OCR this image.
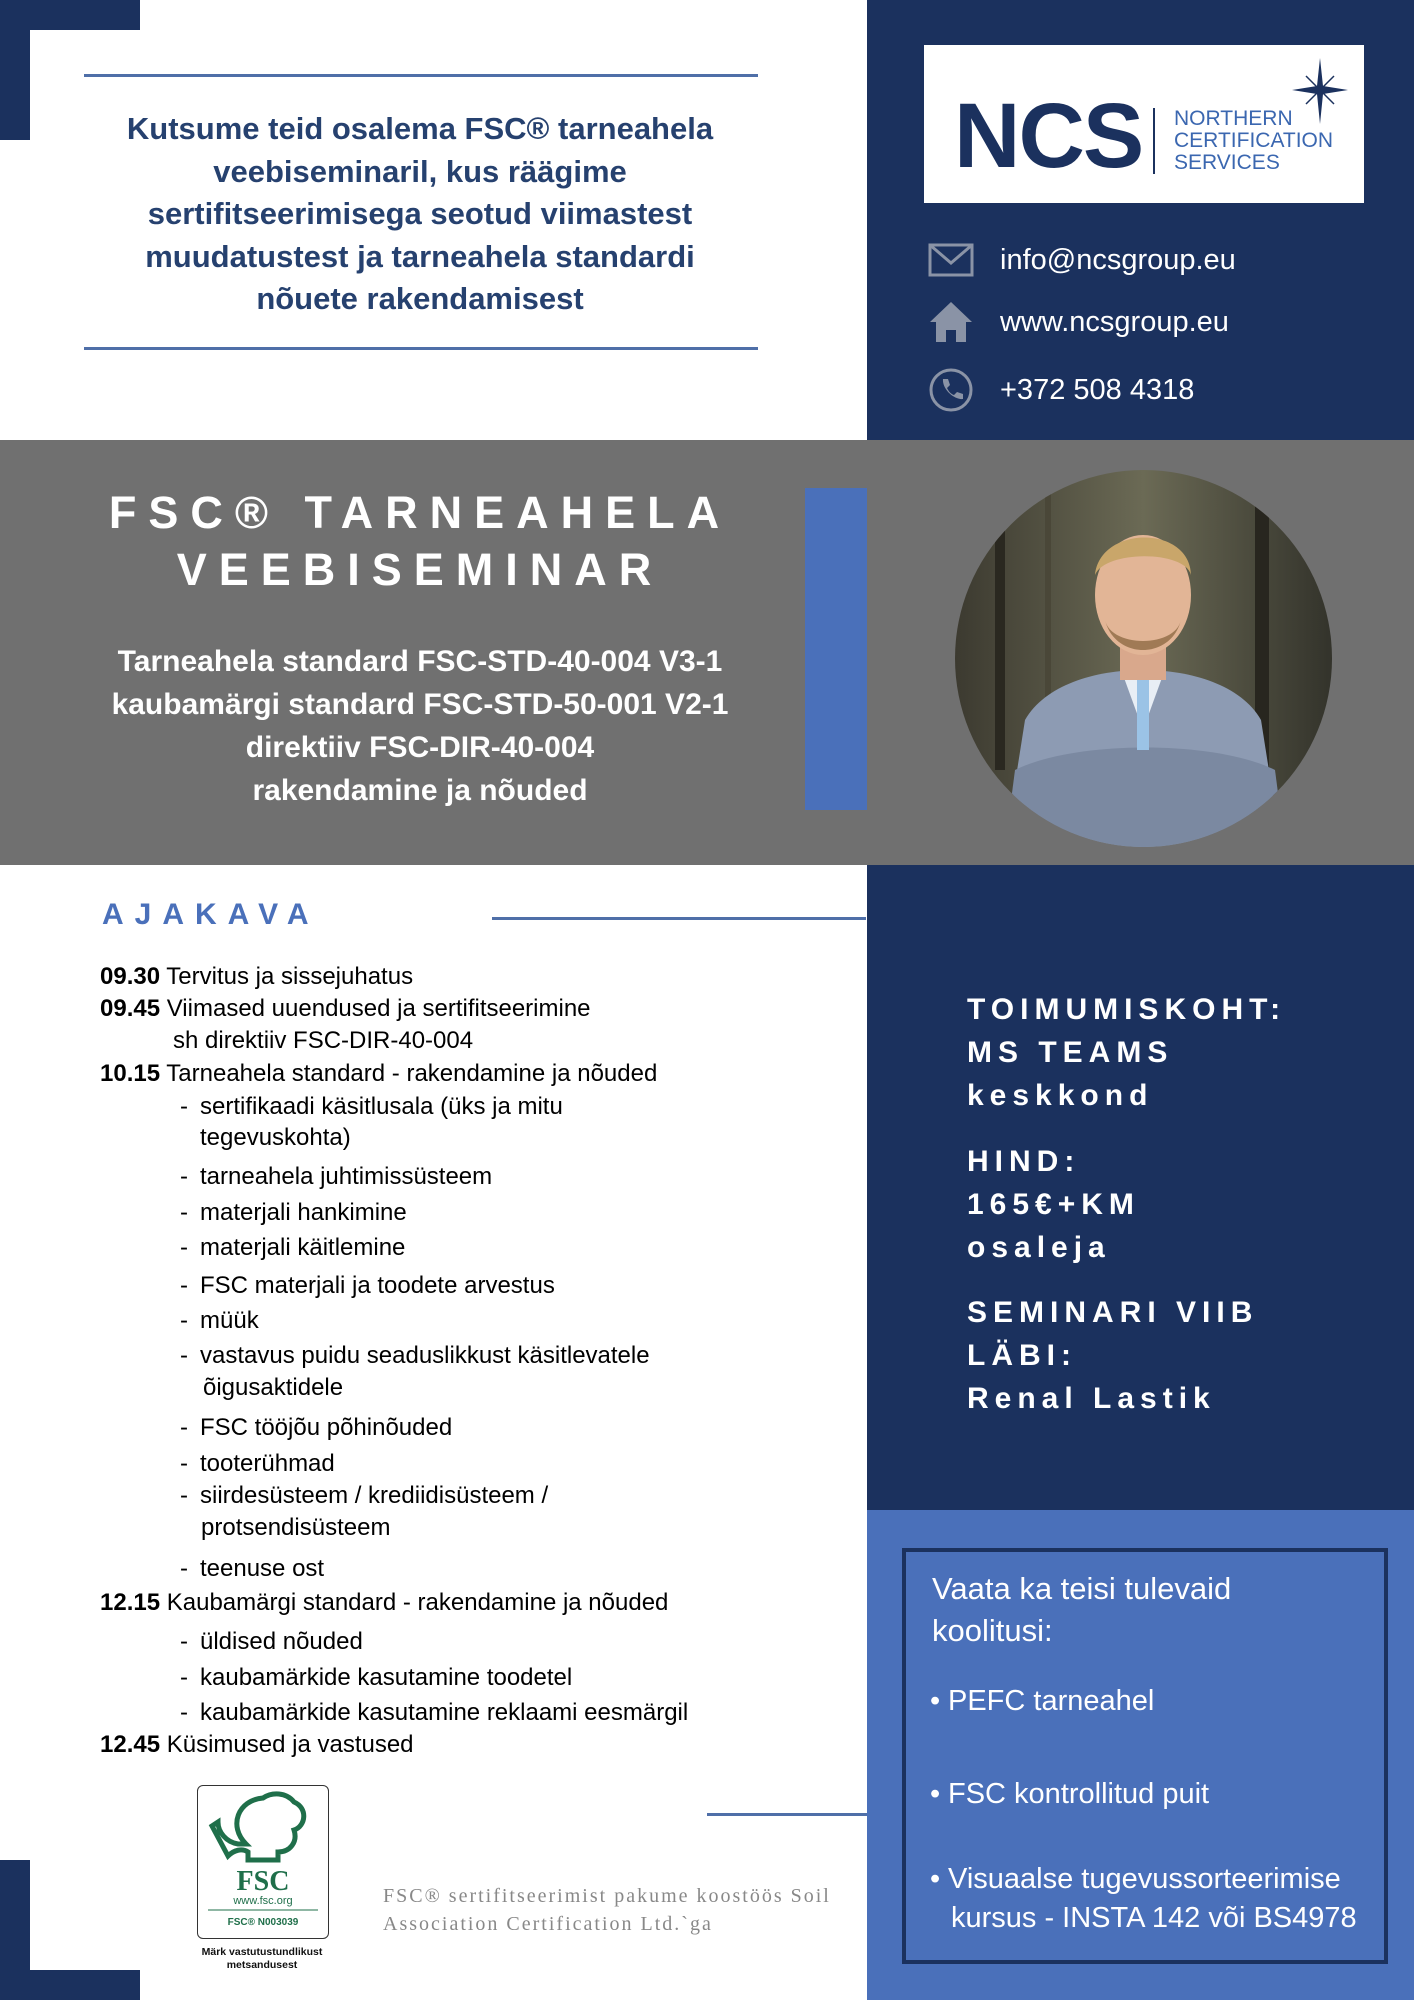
Kutsume teid osalema FSC® tarneahela
veebiseminaril, kus räägime
sertifitseerimisega seotud viimastest
muudatustest ja tarneahela standardi
nõuete rakendamisest
NCS NORTHERN
CERTIFICATION
SERVICES
info@ncsgroup.eu
www.ncsgroup.eu
+372 508 4318
FSC® TARNEAHELA
VEEBISEMINAR
Tarneahela standard FSC-STD-40-004 V3-1
kaubamärgi standard FSC-STD-50-001 V2-1
direktiiv FSC-DIR-40-004
rakendamine ja nõuded
AJAKAVA
09.30 Tervitus ja sissejuhatus
09.45 Viimased uuendused ja sertifitseerimine
sh direktiiv FSC-DIR-40-004
10.15 Tarneahela standard - rakendamine ja nõuded
- sertifikaadi käsitlusala (üks ja mitu
tegevuskohta)
- tarneahela juhtimissüsteem
- materjali hankimine
- materjali käitlemine
- FSC materjali ja toodete arvestus
- müük
- vastavus puidu seaduslikkust käsitlevatele
õigusaktidele
- FSC tööjõu põhinõuded
- tooterühmad
- siirdesüsteem / krediidisüsteem /
protsendisüsteem
- teenuse ost
12.15 Kaubamärgi standard - rakendamine ja nõuded
- üldised nõuded
- kaubamärkide kasutamine toodetel
- kaubamärkide kasutamine reklaami eesmärgil
12.45 Küsimused ja vastused
TOIMUMISKOHT:
MS TEAMS
keskkond
HIND:
165€+KM
osaleja
SEMINARI VIIB
LÄBI:
Renal Lastik
Vaata ka teisi tulevaid
koolitusi:
• PEFC tarneahel
• FSC kontrollitud puit
• Visuaalse tugevussorteerimise
kursus - INSTA 142 või BS4978
FSC
www.fsc.org
FSC® N003039
Märk vastutustundlikust
metsandusest
FSC® sertifitseerimist pakume koostöös Soil
Association Certification Ltd.`ga
